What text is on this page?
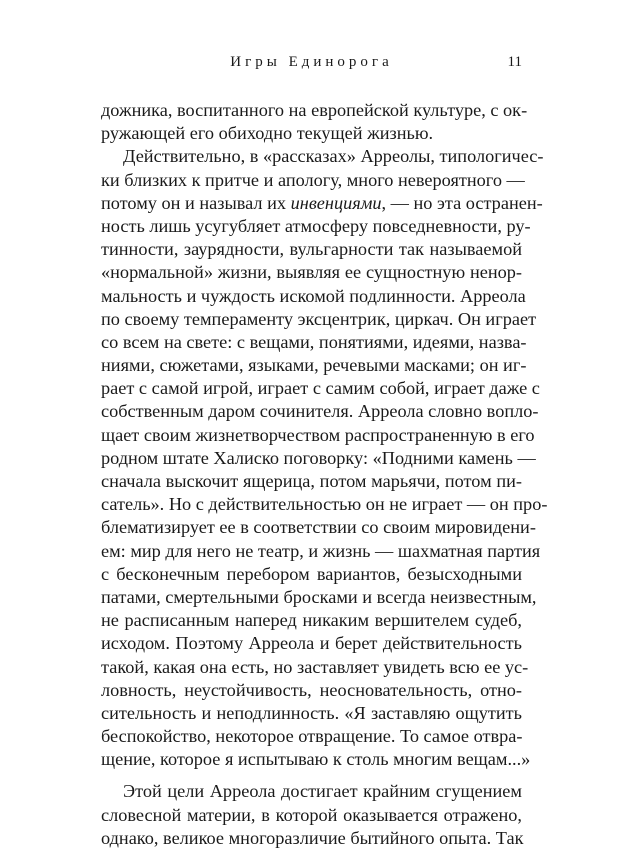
Игры Единорога	11
дожника, воспитанного на европейской культуре, с ок-
ружающей его обиходно текущей жизнью.
Действительно, в «рассказах» Арреолы, типологичес-
ки близких к притче и апологу, много невероятного —
потому он и называл их инвенциями, — но эта остранен-
ность лишь усугубляет атмосферу повседневности, ру-
тинности, заурядности, вульгарности так называемой
«нормальной» жизни, выявляя ее сущностную ненор-
мальность и чуждость искомой подлинности. Арреола
по своему темпераменту эксцентрик, циркач. Он играет
со всем на свете: с вещами, понятиями, идеями, назва-
ниями, сюжетами, языками, речевыми масками; он иг-
рает с самой игрой, играет с самим собой, играет даже с
собственным даром сочинителя. Арреола словно вопло-
щает своим жизнетворчеством распространенную в его
родном штате Халиско поговорку: «Подними камень —
сначала выскочит ящерица, потом марьячи, потом пи-
сатель». Но с действительностью он не играет — он про-
блематизирует ее в соответствии со своим мировидени-
ем: мир для него не театр, и жизнь — шахматная партия
с бесконечным перебором вариантов, безысходными
патами, смертельными бросками и всегда неизвестным,
не расписанным наперед никаким вершителем судеб,
исходом. Поэтому Арреола и берет действительность
такой, какая она есть, но заставляет увидеть всю ее ус-
ловность, неустойчивость, неосновательность, отно-
сительность и неподлинность. «Я заставляю ощутить
беспокойство, некоторое отвращение. То самое отвра-
щение, которое я испытываю к столь многим вещам...»
Этой цели Арреола достигает крайним сгущением
словесной материи, в которой оказывается отражено,
однако, великое многоразличие бытийного опыта. Так
